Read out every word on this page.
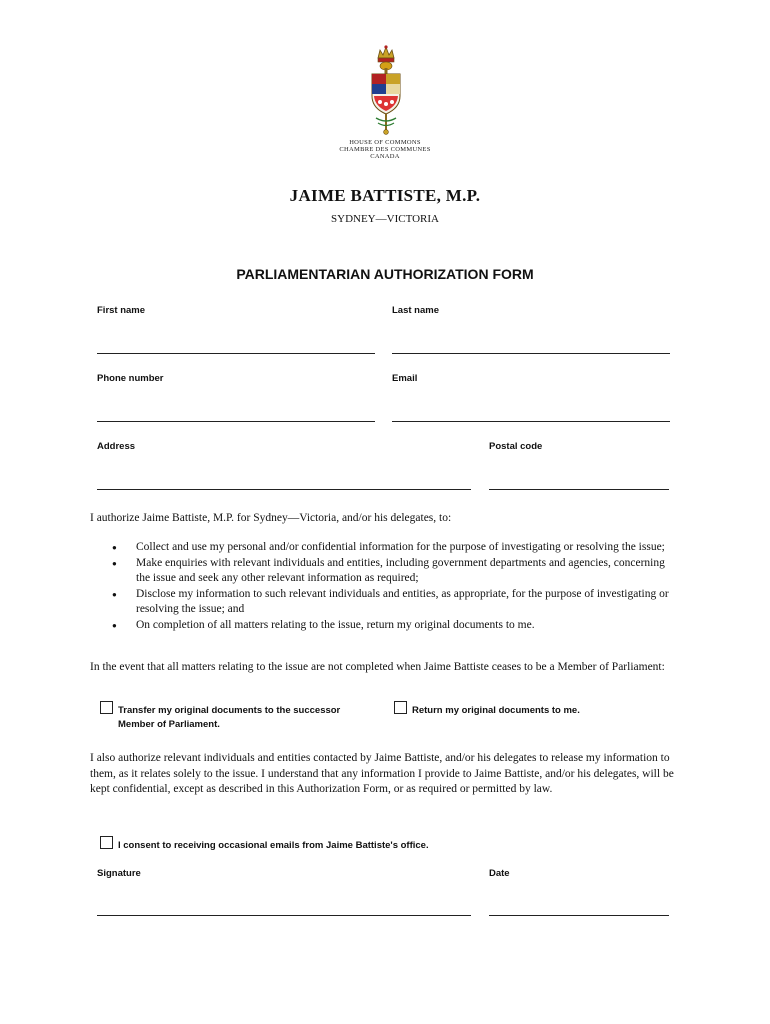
HOUSE OF COMMONS
CHAMBRE DES COMMUNES
CANADA
JAIME BATTISTE, M.P.
SYDNEY—VICTORIA
PARLIAMENTARIAN AUTHORIZATION FORM
First name	Last name
Phone number	Email
Address	Postal code
I authorize Jaime Battiste, M.P. for Sydney—Victoria, and/or his delegates, to:
● Collect and use my personal and/or confidential information for the purpose of investigating or resolving the issue;
● Make enquiries with relevant individuals and entities, including government departments and agencies, concerning the issue and seek any other relevant information as required;
● Disclose my information to such relevant individuals and entities, as appropriate, for the purpose of investigating or resolving the issue; and
● On completion of all matters relating to the issue, return my original documents to me.
In the event that all matters relating to the issue are not completed when Jaime Battiste ceases to be a Member of Parliament:
Transfer my original documents to the successor Member of Parliament.
Return my original documents to me.
I also authorize relevant individuals and entities contacted by Jaime Battiste, and/or his delegates to release my information to them, as it relates solely to the issue. I understand that any information I provide to Jaime Battiste, and/or his delegates, will be kept confidential, except as described in this Authorization Form, or as required or permitted by law.
I consent to receiving occasional emails from Jaime Battiste's office.
Signature	Date
